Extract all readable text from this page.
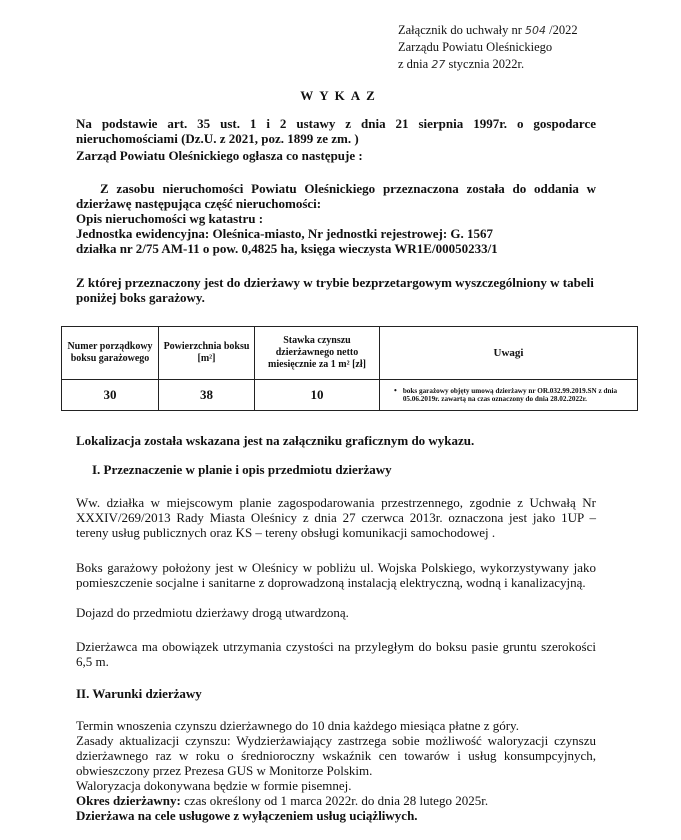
Załącznik do uchwały nr 504 /2022
Zarządu Powiatu Oleśnickiego
z dnia 27 stycznia 2022r.
WYKAZ
Na podstawie art. 35 ust. 1 i 2 ustawy z dnia 21 sierpnia 1997r. o gospodarce nieruchomościami (Dz.U. z 2021, poz. 1899 ze zm. )
Zarząd Powiatu Oleśnickiego ogłasza co następuje :
Z zasobu nieruchomości Powiatu Oleśnickiego przeznaczona została do oddania w dzierżawę następująca część nieruchomości:
Opis nieruchomości wg katastru :
Jednostka ewidencyjna: Oleśnica-miasto, Nr jednostki rejestrowej: G. 1567
działka nr 2/75 AM-11 o pow. 0,4825 ha, księga wieczysta WR1E/00050233/1
Z której przeznaczony jest do dzierżawy w trybie bezprzetargowym wyszczególniony w tabeli poniżej boks garażowy.
Numer porządkowy boksu garażowego	Powierzchnia boksu [m²]	Stawka czynszu dzierżawnego netto miesięcznie za 1 m² [zł]	Uwagi
30	38	10	• boks garażowy objęty umową dzierżawy nr OR.032.99.2019.SN z dnia 05.06.2019r. zawartą na czas oznaczony do dnia 28.02.2022r.
Lokalizacja została wskazana jest na załączniku graficznym do wykazu.
I. Przeznaczenie w planie i opis przedmiotu dzierżawy
Ww. działka w miejscowym planie zagospodarowania przestrzennego, zgodnie z Uchwałą Nr XXXIV/269/2013 Rady Miasta Oleśnicy z dnia 27 czerwca 2013r. oznaczona jest jako 1UP – tereny usług publicznych oraz KS – tereny obsługi komunikacji samochodowej .
Boks garażowy położony jest w Oleśnicy w pobliżu ul. Wojska Polskiego, wykorzystywany jako pomieszczenie socjalne i sanitarne z doprowadzoną instalacją elektryczną, wodną i kanalizacyjną.
Dojazd do przedmiotu dzierżawy drogą utwardzoną.
Dzierżawca ma obowiązek utrzymania czystości na przyległym do boksu pasie gruntu szerokości 6,5 m.
II. Warunki dzierżawy
Termin wnoszenia czynszu dzierżawnego do 10 dnia każdego miesiąca płatne z góry.
Zasady aktualizacji czynszu: Wydzierżawiający zastrzega sobie możliwość waloryzacji czynszu dzierżawnego raz w roku o średnioroczny wskaźnik cen towarów i usług konsumpcyjnych, obwieszczony przez Prezesa GUS w Monitorze Polskim.
Waloryzacja dokonywana będzie w formie pisemnej.
Okres dzierżawny: czas określony od 1 marca 2022r. do dnia 28 lutego 2025r.
Dzierżawa na cele usługowe z wyłączeniem usług uciążliwych.
